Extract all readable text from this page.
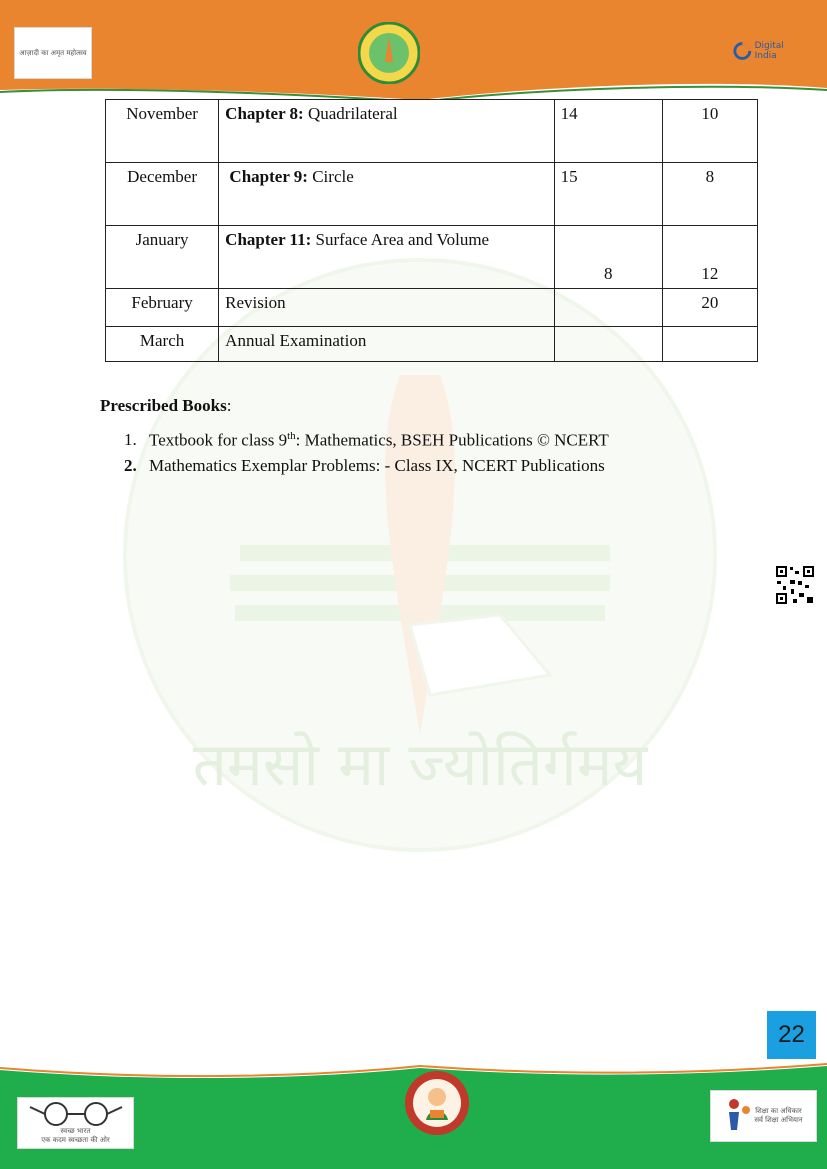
आज़ादी का अमृत महोत्सव
Digital India
तमसो मा ज्योतिर्गमय
November	Chapter 8: Quadrilateral	14	10
December	Chapter 9: Circle	15	8
January	Chapter 11: Surface Area and Volume	8	12
February	Revision		20
March	Annual Examination		
Prescribed Books:
1. Textbook for class 9th: Mathematics, BSEH Publications © NCERT
2. Mathematics Exemplar Problems: - Class IX, NCERT Publications
22
स्वच्छ भारत
एक कदम स्वच्छता की ओर
शिक्षा का अधिकार
सर्व शिक्षा अभियान
